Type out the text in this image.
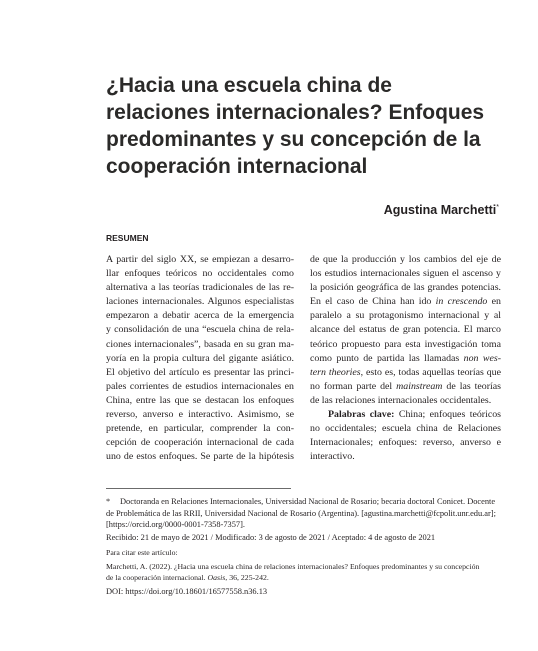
¿Hacia una escuela china de
relaciones internacionales? Enfoques
predominantes y su concepción de la
cooperación internacional
Agustina Marchetti*
RESUMEN
A partir del siglo XX, se empiezan a desarro-
llar enfoques teóricos no occidentales como
alternativa a las teorías tradicionales de las re-
laciones internacionales. Algunos especialistas
empezaron a debatir acerca de la emergencia
y consolidación de una “escuela china de rela-
ciones internacionales”, basada en su gran ma-
yoría en la propia cultura del gigante asiático.
El objetivo del artículo es presentar las princi-
pales corrientes de estudios internacionales en
China, entre las que se destacan los enfoques
reverso, anverso e interactivo. Asimismo, se
pretende, en particular, comprender la con-
cepción de cooperación internacional de cada
uno de estos enfoques. Se parte de la hipótesis
de que la producción y los cambios del eje de
los estudios internacionales siguen el ascenso y
la posición geográfica de las grandes potencias.
En el caso de China han ido in crescendo en
paralelo a su protagonismo internacional y al
alcance del estatus de gran potencia. El marco
teórico propuesto para esta investigación toma
como punto de partida las llamadas non wes-
tern theories, esto es, todas aquellas teorías que
no forman parte del mainstream de las teorías
de las relaciones internacionales occidentales.
Palabras clave: China; enfoques teóricos
no occidentales; escuela china de Relaciones
Internacionales; enfoques: reverso, anverso e
interactivo.
* Doctoranda en Relaciones Internacionales, Universidad Nacional de Rosario; becaria doctoral Conicet. Docente
de Problemática de las RRII, Universidad Nacional de Rosario (Argentina). [agustina.marchetti@fcpolit.unr.edu.ar];
[https://orcid.org/0000-0001-7358-7357].
Recibido: 21 de mayo de 2021 / Modificado: 3 de agosto de 2021 / Aceptado: 4 de agosto de 2021
Para citar este artículo:
Marchetti, A. (2022). ¿Hacia una escuela china de relaciones internacionales? Enfoques predominantes y su concepción
de la cooperación internacional. Oasis, 36, 225-242.
DOI: https://doi.org/10.18601/16577558.n36.13
